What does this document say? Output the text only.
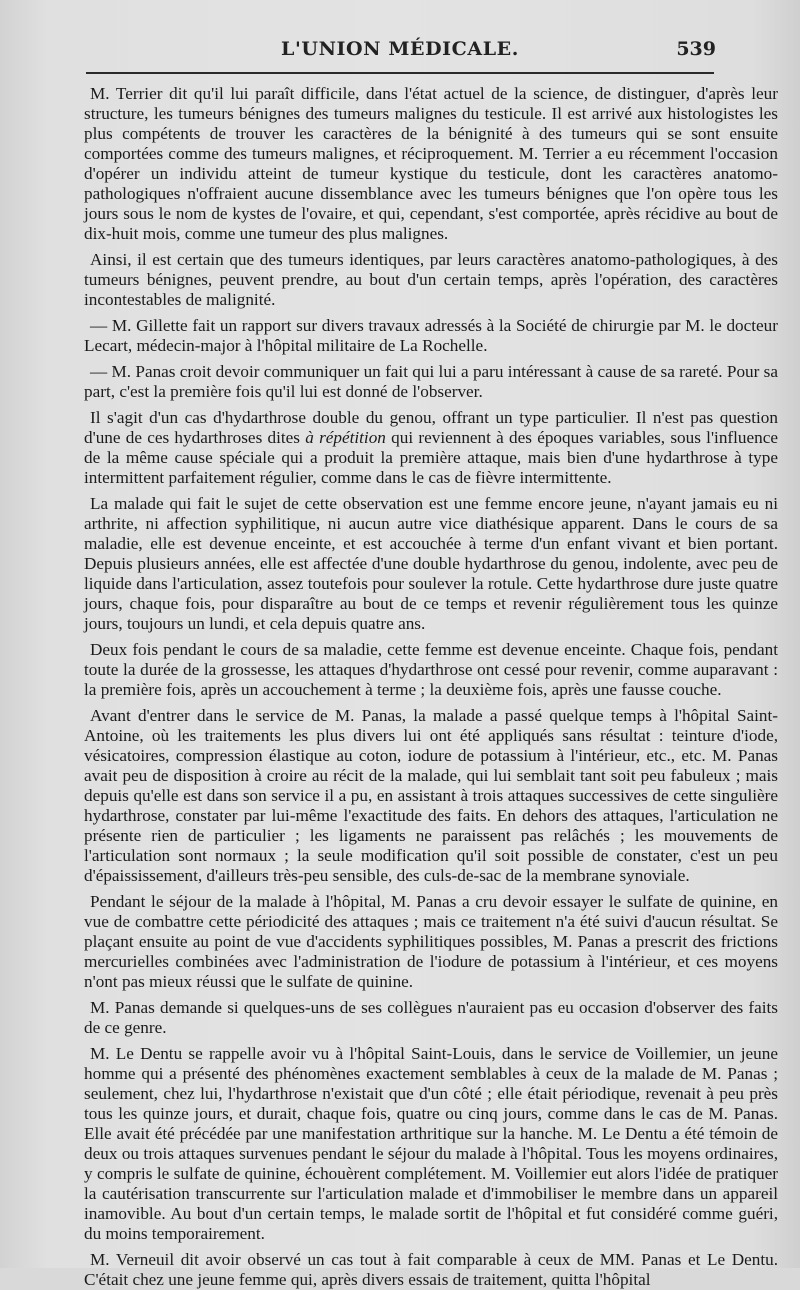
L'UNION MÉDICALE.	539

M. Terrier dit qu'il lui paraît difficile, dans l'état actuel de la science, de distinguer, d'après leur structure, les tumeurs bénignes des tumeurs malignes du testicule. Il est arrivé aux histologistes les plus compétents de trouver les caractères de la bénignité à des tumeurs qui se sont ensuite comportées comme des tumeurs malignes, et réciproquement. M. Terrier a eu récemment l'occasion d'opérer un individu atteint de tumeur kystique du testicule, dont les caractères anatomo-pathologiques n'offraient aucune dissemblance avec les tumeurs bénignes que l'on opère tous les jours sous le nom de kystes de l'ovaire, et qui, cependant, s'est comportée, après récidive au bout de dix-huit mois, comme une tumeur des plus malignes.

Ainsi, il est certain que des tumeurs identiques, par leurs caractères anatomo-pathologiques, à des tumeurs bénignes, peuvent prendre, au bout d'un certain temps, après l'opération, des caractères incontestables de malignité.

— M. Gillette fait un rapport sur divers travaux adressés à la Société de chirurgie par M. le docteur Lecart, médecin-major à l'hôpital militaire de La Rochelle.

— M. Panas croit devoir communiquer un fait qui lui a paru intéressant à cause de sa rareté. Pour sa part, c'est la première fois qu'il lui est donné de l'observer.

Il s'agit d'un cas d'hydarthrose double du genou, offrant un type particulier. Il n'est pas question d'une de ces hydarthroses dites à répétition qui reviennent à des époques variables, sous l'influence de la même cause spéciale qui a produit la première attaque, mais bien d'une hydarthrose à type intermittent parfaitement régulier, comme dans le cas de fièvre intermittente.

La malade qui fait le sujet de cette observation est une femme encore jeune, n'ayant jamais eu ni arthrite, ni affection syphilitique, ni aucun autre vice diathésique apparent. Dans le cours de sa maladie, elle est devenue enceinte, et est accouchée à terme d'un enfant vivant et bien portant. Depuis plusieurs années, elle est affectée d'une double hydarthrose du genou, indolente, avec peu de liquide dans l'articulation, assez toutefois pour soulever la rotule. Cette hydarthrose dure juste quatre jours, chaque fois, pour disparaître au bout de ce temps et revenir régulièrement tous les quinze jours, toujours un lundi, et cela depuis quatre ans.

Deux fois pendant le cours de sa maladie, cette femme est devenue enceinte. Chaque fois, pendant toute la durée de la grossesse, les attaques d'hydarthrose ont cessé pour revenir, comme auparavant : la première fois, après un accouchement à terme ; la deuxième fois, après une fausse couche.

Avant d'entrer dans le service de M. Panas, la malade a passé quelque temps à l'hôpital Saint-Antoine, où les traitements les plus divers lui ont été appliqués sans résultat : teinture d'iode, vésicatoires, compression élastique au coton, iodure de potassium à l'intérieur, etc., etc. M. Panas avait peu de disposition à croire au récit de la malade, qui lui semblait tant soit peu fabuleux ; mais depuis qu'elle est dans son service il a pu, en assistant à trois attaques successives de cette singulière hydarthrose, constater par lui-même l'exactitude des faits. En dehors des attaques, l'articulation ne présente rien de particulier ; les ligaments ne paraissent pas relâchés ; les mouvements de l'articulation sont normaux ; la seule modification qu'il soit possible de constater, c'est un peu d'épaississement, d'ailleurs très-peu sensible, des culs-de-sac de la membrane synoviale.

Pendant le séjour de la malade à l'hôpital, M. Panas a cru devoir essayer le sulfate de quinine, en vue de combattre cette périodicité des attaques ; mais ce traitement n'a été suivi d'aucun résultat. Se plaçant ensuite au point de vue d'accidents syphilitiques possibles, M. Panas a prescrit des frictions mercurielles combinées avec l'administration de l'iodure de potassium à l'intérieur, et ces moyens n'ont pas mieux réussi que le sulfate de quinine.

M. Panas demande si quelques-uns de ses collègues n'auraient pas eu occasion d'observer des faits de ce genre.

M. Le Dentu se rappelle avoir vu à l'hôpital Saint-Louis, dans le service de Voillemier, un jeune homme qui a présenté des phénomènes exactement semblables à ceux de la malade de M. Panas ; seulement, chez lui, l'hydarthrose n'existait que d'un côté ; elle était périodique, revenait à peu près tous les quinze jours, et durait, chaque fois, quatre ou cinq jours, comme dans le cas de M. Panas. Elle avait été précédée par une manifestation arthritique sur la hanche. M. Le Dentu a été témoin de deux ou trois attaques survenues pendant le séjour du malade à l'hôpital. Tous les moyens ordinaires, y compris le sulfate de quinine, échouèrent complétement. M. Voillemier eut alors l'idée de pratiquer la cautérisation transcurrente sur l'articulation malade et d'immobiliser le membre dans un appareil inamovible. Au bout d'un certain temps, le malade sortit de l'hôpital et fut considéré comme guéri, du moins temporairement.

M. Verneuil dit avoir observé un cas tout à fait comparable à ceux de MM. Panas et Le Dentu. C'était chez une jeune femme qui, après divers essais de traitement, quitta l'hôpital
